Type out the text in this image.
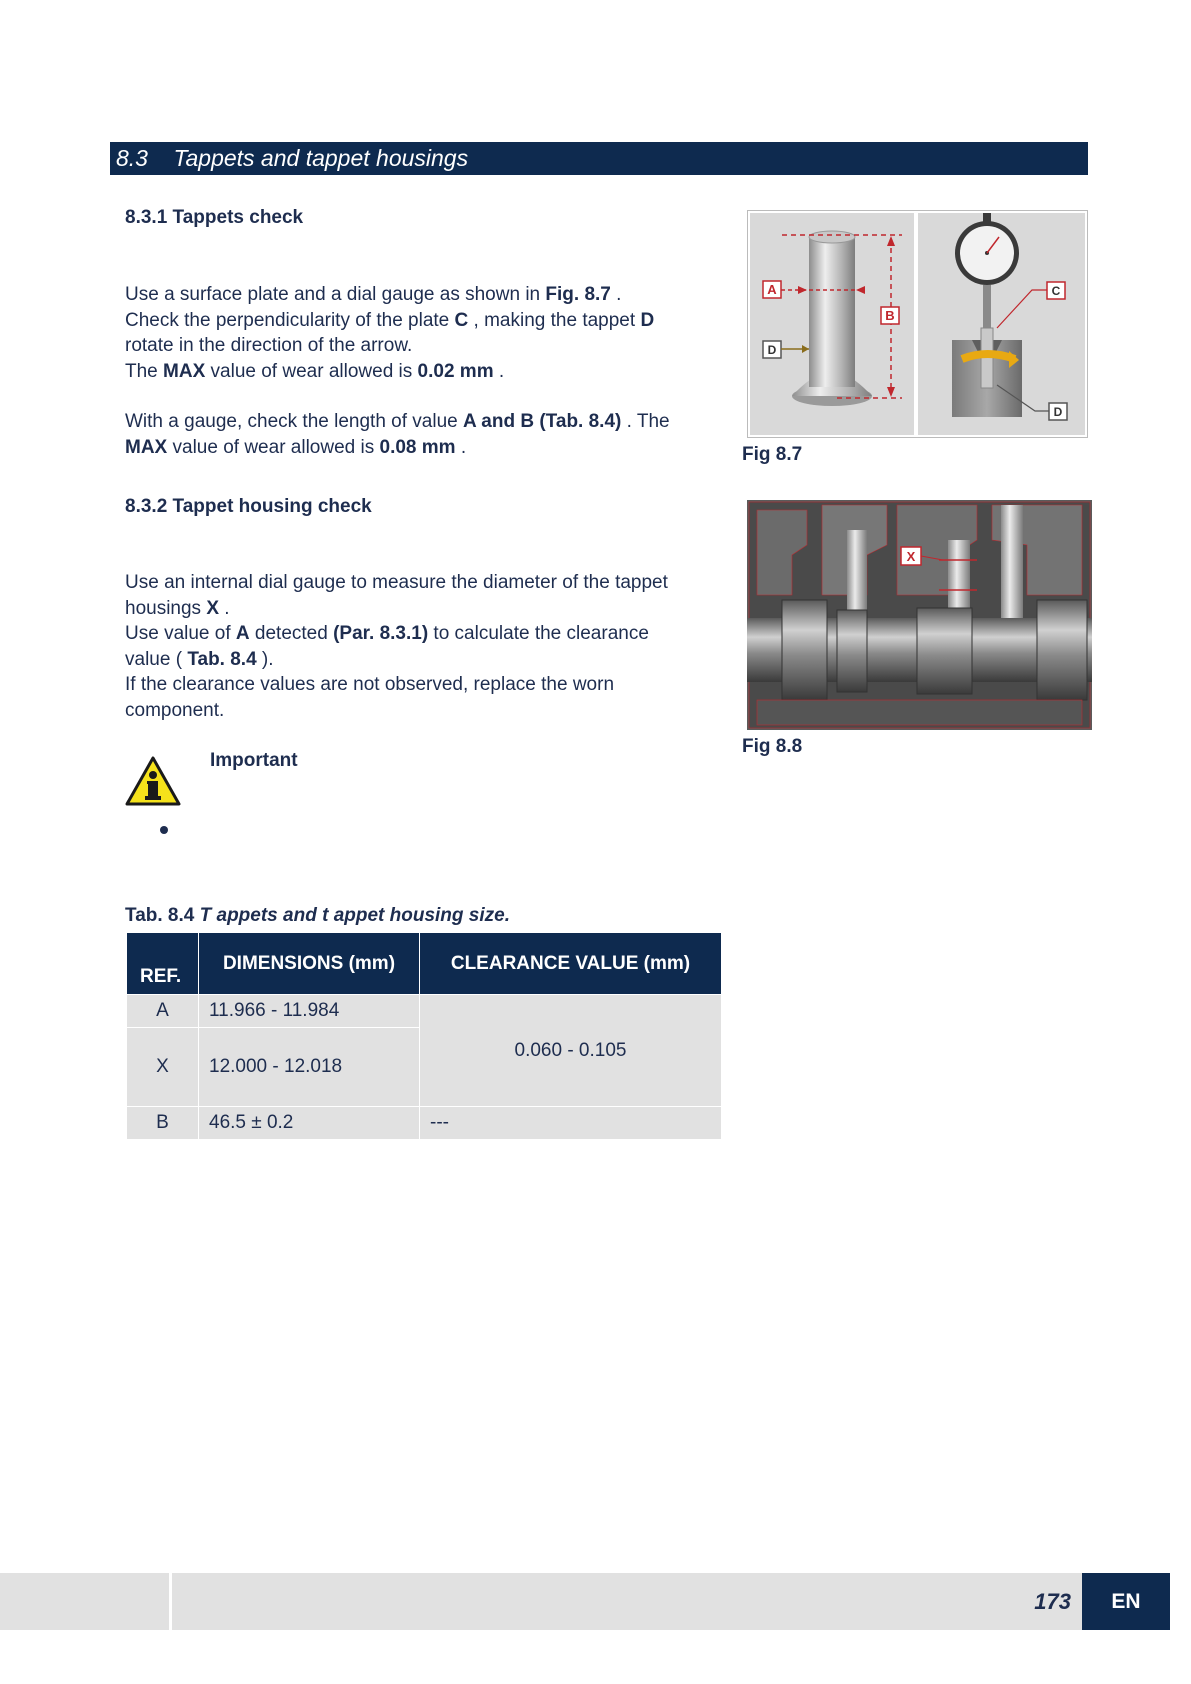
8.3 Tappets and tappet housings
8.3.1 Tappets check

Use a surface plate and a dial gauge as shown in Fig. 8.7 .

Check the perpendicularity of the plate C , making the tappet D

rotate in the direction of the arrow.

The MAX value of wear allowed is 0.02 mm .

With a gauge, check the length of value A and B (Tab. 8.4) . The

MAX value of wear allowed is 0.08 mm .

8.3.2 Tappet housing check

Use an internal dial gauge to measure the diameter of the tappet

housings X .

Use value of A detected (Par. 8.3.1) to calculate the clearance

value ( Tab. 8.4 ).

If the clearance values are not observed, replace the worn

component.

Important
A
B
D
C
D
Fig 8.7
X
Fig 8.8
Tab. 8.4 T appets and t appet housing size.
REF.	DIMENSIONS (mm)	CLEARANCE VALUE (mm)
A	11.966 - 11.984	0.060 - 0.105
X	12.000 - 12.018	
B	46.5 ± 0.2	---
173	EN
